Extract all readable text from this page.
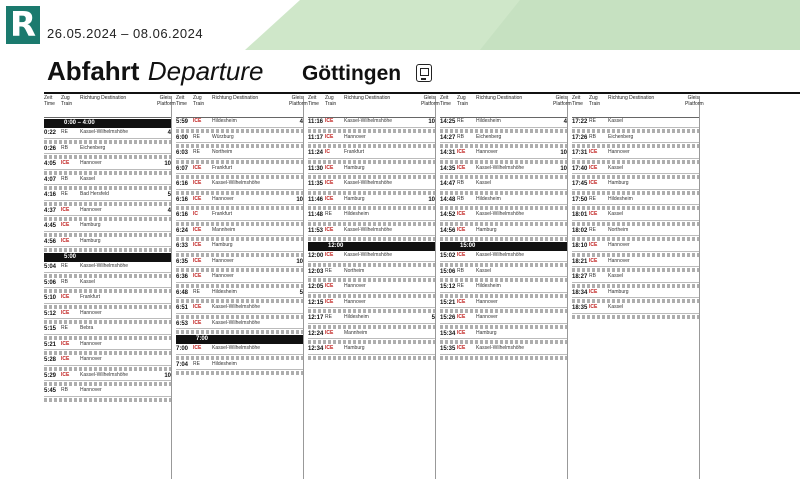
R 26.05.2024 – 08.06.2024
Abfahrt Departure Göttingen
Zeit Time
Zug Train
Richtung Destination	Gleis Platform
0:00 – 4:00
0:22 RE	Kassel-Wilhelmshöhe	4
0:26 RB	Eichenberg
4:05 ICE	Hannover	10
4:07 RB	Kassel
4:16 RE	Bad Hersfeld	5
4:37 ICE	Hannover	4
4:45 ICE	Hamburg
4:56 ICE	Hamburg
5:00
5:04 RE	Kassel-Wilhelmshöhe
5:06 RB	Kassel
5:10 ICE	Frankfurt
5:12 ICE	Hannover
5:15 RE	Bebra
5:21 ICE	Hannover
5:28 ICE	Hannover
5:29 ICE	Kassel-Wilhelmshöhe	10
5:45 RB	Hannover
Zeit Time
Zug Train
Richtung Destination	Gleis Platform
5:59 ICE	Hildesheim	4
6:00 RE	Würzburg
6:03 RE	Northeim
6:07 ICE	Frankfurt
6:16 ICE	Kassel-Wilhelmshöhe
6:16 ICE	Hannover	10
6:16 IC	Frankfurt
6:24 ICE	Mannheim
6:33 ICE	Hamburg
6:35 ICE	Hannover	10
6:36 ICE	Hannover
6:48 RE	Hildesheim	5
6:51 ICE	Kassel-Wilhelmshöhe
6:53 ICE	Kassel-Wilhelmshöhe
7:00
7:00 ICE	Kassel-Wilhelmshöhe
7:04 RE	Hildesheim
Zeit Time
Zug Train
Richtung Destination	Gleis Platform
11:16 ICE	Kassel-Wilhelmshöhe	10
11:17 ICE	Hannover
11:24 IC	Frankfurt
11:30 ICE	Hamburg
11:35 ICE	Kassel-Wilhelmshöhe
11:46 ICE	Hamburg	10
11:48 RE	Hildesheim
11:53 ICE	Kassel-Wilhelmshöhe
12:00
12:00 ICE	Kassel-Wilhelmshöhe
12:03 RE	Northeim
12:05 ICE	Hannover
12:15 ICE	Hannover
12:17 RE	Hildesheim	5
12:24 ICE	Mannheim
12:34 ICE	Hamburg
Zeit Time
Zug Train
Richtung Destination	Gleis Platform
14:25 RE	Hildesheim	4
14:27 RB	Eichenberg
14:31 ICE	Hannover	10
14:35 ICE	Kassel-Wilhelmshöhe	10
14:47 RB	Kassel
14:48 RB	Hildesheim
14:52 ICE	Kassel-Wilhelmshöhe
14:56 ICE	Hamburg
15:00
15:02 ICE	Kassel-Wilhelmshöhe
15:06 RB	Kassel
15:12 RE	Hildesheim
15:21 ICE	Hannover
15:26 ICE	Hannover
15:34 ICE	Hamburg
15:35 ICE	Kassel-Wilhelmshöhe
Zeit Time
Zug Train
Richtung Destination	Gleis Platform
17:22 RE	Kassel
17:26 RB	Eichenberg
17:31 ICE	Hannover
17:40 ICE	Kassel
17:45 ICE	Hamburg
17:50 RE	Hildesheim
18:01 ICE	Kassel
18:02 RE	Northeim
18:10 ICE	Hannover
18:21 ICE	Hannover
18:27 RB	Kassel
18:34 ICE	Hamburg
18:35 ICE	Kassel
